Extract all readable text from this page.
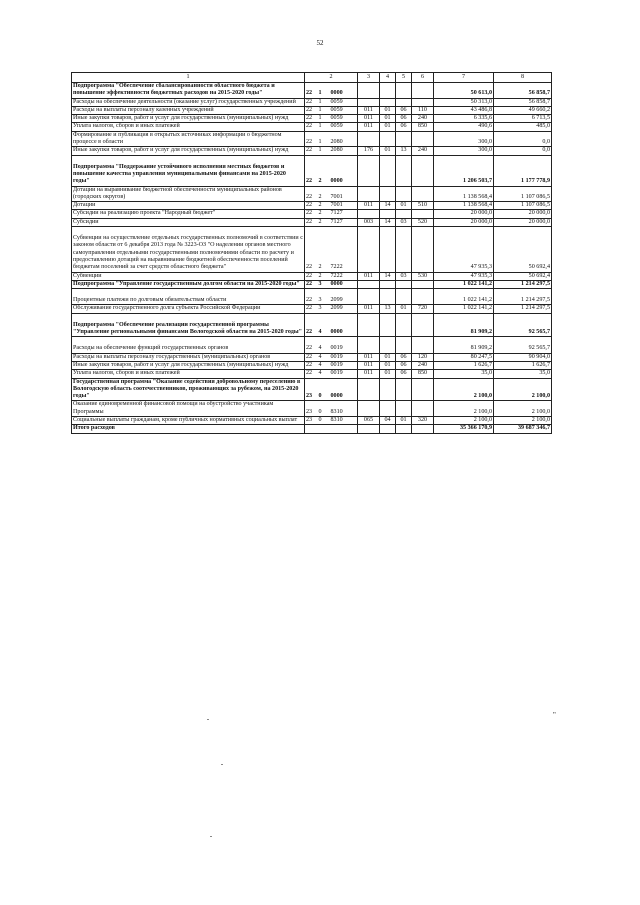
52
1	2			3	4	5	6	7	8
Подпрограмма "Обеспечение сбалансированности областного бюджета и повышение эффективности бюджетных расходов на 2015-2020 годы"	22	1	0000					50 613,0	56 858,7
Расходы на обеспечение деятельности (оказание услуг) государственных учреждений	22	1	0059					50 313,0	56 858,7
Расходы на выплаты персоналу казенных учреждений	22	1	0059	011	01	06	110	43 486,8	49 660,2
Иные закупки товаров, работ и услуг для государственных (муниципальных) нужд	22	1	0059	011	01	06	240	6 335,6	6 713,5
Уплата налогов, сборов и иных платежей	22	1	0059	011	01	06	850	490,6	485,0
Формирование и публикация в открытых источниках информации о бюджетном процессе в области	22	1	2080					300,0	0,0
Иные закупки товаров, работ и услуг для государственных (муниципальных) нужд	22	1	2080	176	01	13	240	300,0	0,0
Подпрограмма "Поддержание устойчивого исполнения местных бюджетов и повышение качества управления муниципальными финансами на 2015-2020 годы"	22	2	0000					1 206 503,7	1 177 778,9
Дотации на выравнивание бюджетной обеспеченности муниципальных районов (городских округов)	22	2	7001					1 138 568,4	1 107 086,5
Дотации	22	2	7001	011	14	01	510	1 138 568,4	1 107 086,5
Субсидии на реализацию проекта "Народный бюджет"	22	2	7127					20 000,0	20 000,0
Субсидии	22	2	7127	003	14	03	520	20 000,0	20 000,0
Субвенции на осуществление отдельных государственных полномочий в соответствии с законом области от 6 декабря 2013 года № 3223-ОЗ "О наделении органов местного самоуправления отдельными государственными полномочиями области по расчету и предоставлению дотаций на выравнивание бюджетной обеспеченности поселений бюджетам поселений за счет средств областного бюджета"	22	2	7222					47 935,3	50 692,4
Субвенции	22	2	7222	011	14	03	530	47 935,3	50 692,4
Подпрограмма "Управление государственным долгом области на 2015-2020 годы"	22	3	0000					1 022 141,2	1 214 297,5
Процентные платежи по долговым обязательствам области	22	3	2099					1 022 141,2	1 214 297,5
Обслуживание государственного долга субъекта Российской Федерации	22	3	2099	011	13	01	720	1 022 141,2	1 214 297,5
Подпрограмма "Обеспечение реализации государственной программы "Управление региональными финансами Вологодской области на 2015-2020 годы"	22	4	0000					81 909,2	92 565,7
Расходы на обеспечение функций государственных органов	22	4	0019					81 909,2	92 565,7
Расходы на выплаты персоналу государственных (муниципальных) органов	22	4	0019	011	01	06	120	80 247,5	90 904,0
Иные закупки товаров, работ и услуг для государственных (муниципальных) нужд	22	4	0019	011	01	06	240	1 626,7	1 626,7
Уплата налогов, сборов и иных платежей	22	4	0019	011	01	06	850	35,0	35,0
Государственная программа "Оказание содействия добровольному переселению в Вологодскую область соотечественников, проживающих за рубежом, на 2015-2020 годы"	23	0	0000					2 100,0	2 100,0
Оказание единовременной финансовой помощи на обустройство участникам Программы	23	0	8310					2 100,0	2 100,0
Социальные выплаты гражданам, кроме публичных нормативных социальных выплат	23	0	8310	065	04	01	320	2 100,0	2 100,0
Итого расходов								35 366 170,9	39 687 346,7
"
